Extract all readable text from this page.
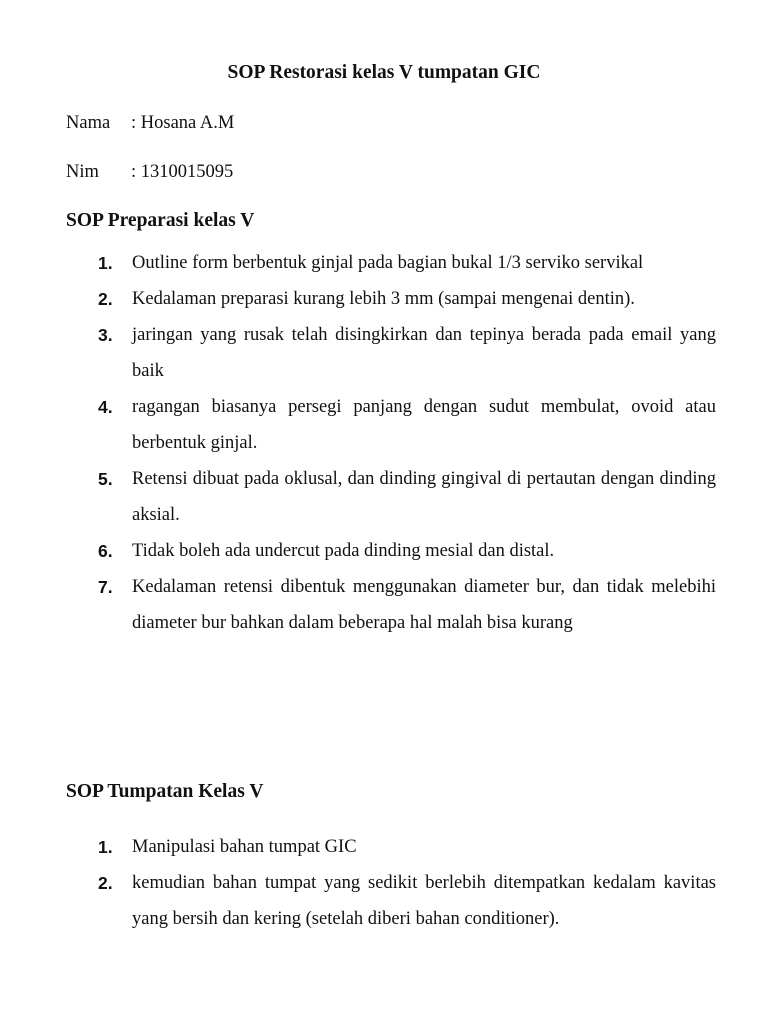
SOP Restorasi kelas V tumpatan GIC
Nama	: Hosana A.M
Nim	: 1310015095
SOP Preparasi kelas V
1. Outline form berbentuk ginjal pada bagian bukal 1/3 serviko servikal
2. Kedalaman preparasi kurang lebih 3 mm (sampai mengenai dentin).
3. jaringan yang rusak telah disingkirkan dan tepinya berada pada email yang baik
4. ragangan biasanya persegi panjang dengan sudut membulat, ovoid atau berbentuk ginjal.
5. Retensi dibuat pada oklusal, dan dinding gingival di pertautan dengan dinding aksial.
6. Tidak boleh ada undercut pada dinding mesial dan distal.
7. Kedalaman retensi dibentuk menggunakan diameter bur, dan tidak melebihi diameter bur bahkan dalam beberapa hal malah bisa kurang
SOP Tumpatan Kelas V
1. Manipulasi bahan tumpat GIC
2. kemudian bahan tumpat yang sedikit berlebih ditempatkan kedalam kavitas yang bersih dan kering (setelah diberi bahan conditioner).
